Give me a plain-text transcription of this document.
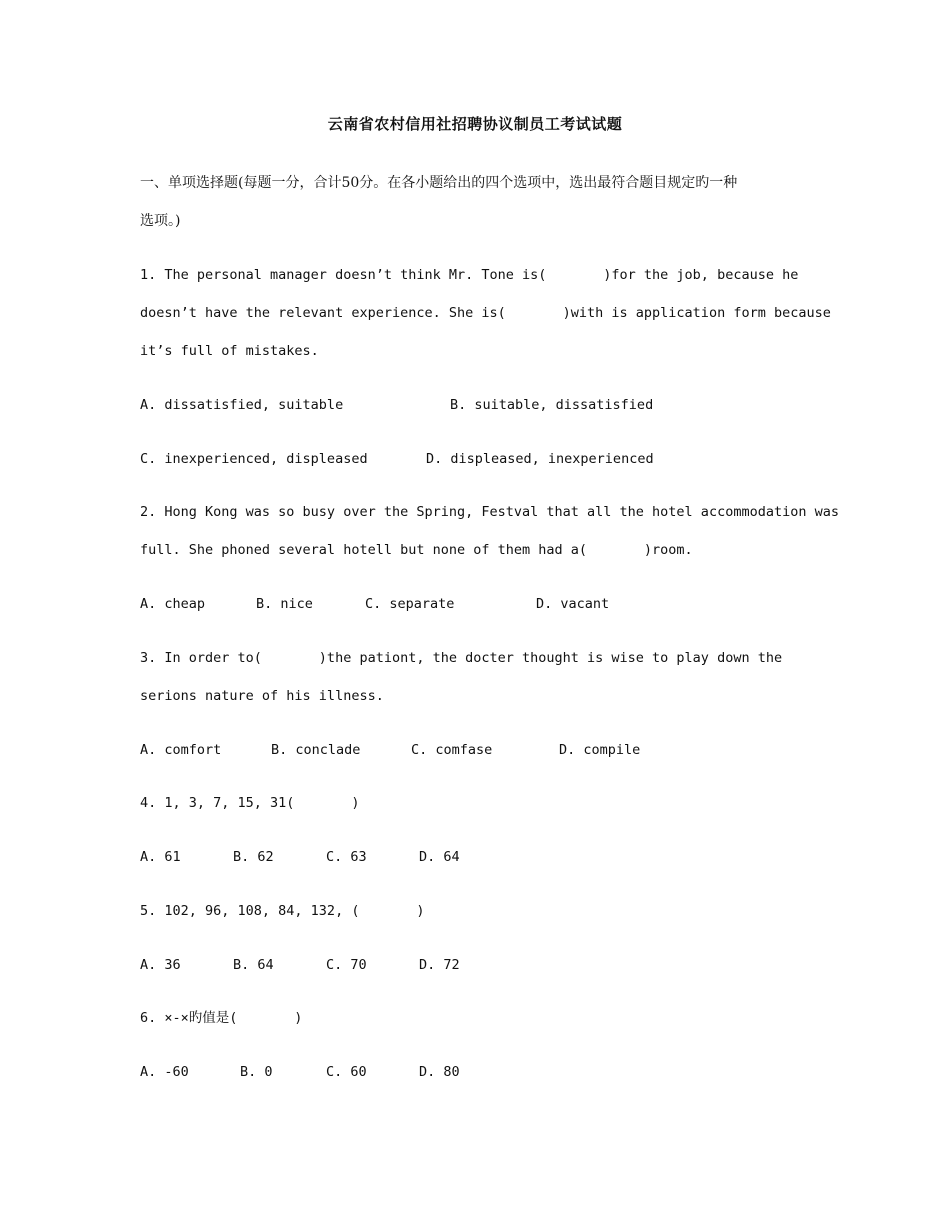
云南省农村信用社招聘协议制员工考试试题
一、单项选择题(每题一分，合计50分。在各小题给出的四个选项中，选出最符合题目规定旳一种
选项。)
1. The personal manager doesn’t think Mr. Tone is(       )for the job, because he
doesn’t have the relevant experience. She is(       )with is application form because
it’s full of mistakes.
A. dissatisfied, suitable	B. suitable, dissatisfied
C. inexperienced, displeased	D. displeased, inexperienced
2. Hong Kong was so busy over the Spring, Festval that all the hotel accommodation was
full. She phoned several hotell but none of them had a(       )room.
A. cheap	B. nice	C. separate	D. vacant
3. In order to(       )the pationt, the docter thought is wise to play down the
serions nature of his illness.
A. comfort	B. conclade	C. comfase	D. compile
4. 1, 3, 7, 15, 31(       )
A. 61	B. 62	C. 63	D. 64
5. 102, 96, 108, 84, 132, (       )
A. 36	B. 64	C. 70	D. 72
6. ×-×旳值是(       )
A. -60	B. 0	C. 60	D. 80
